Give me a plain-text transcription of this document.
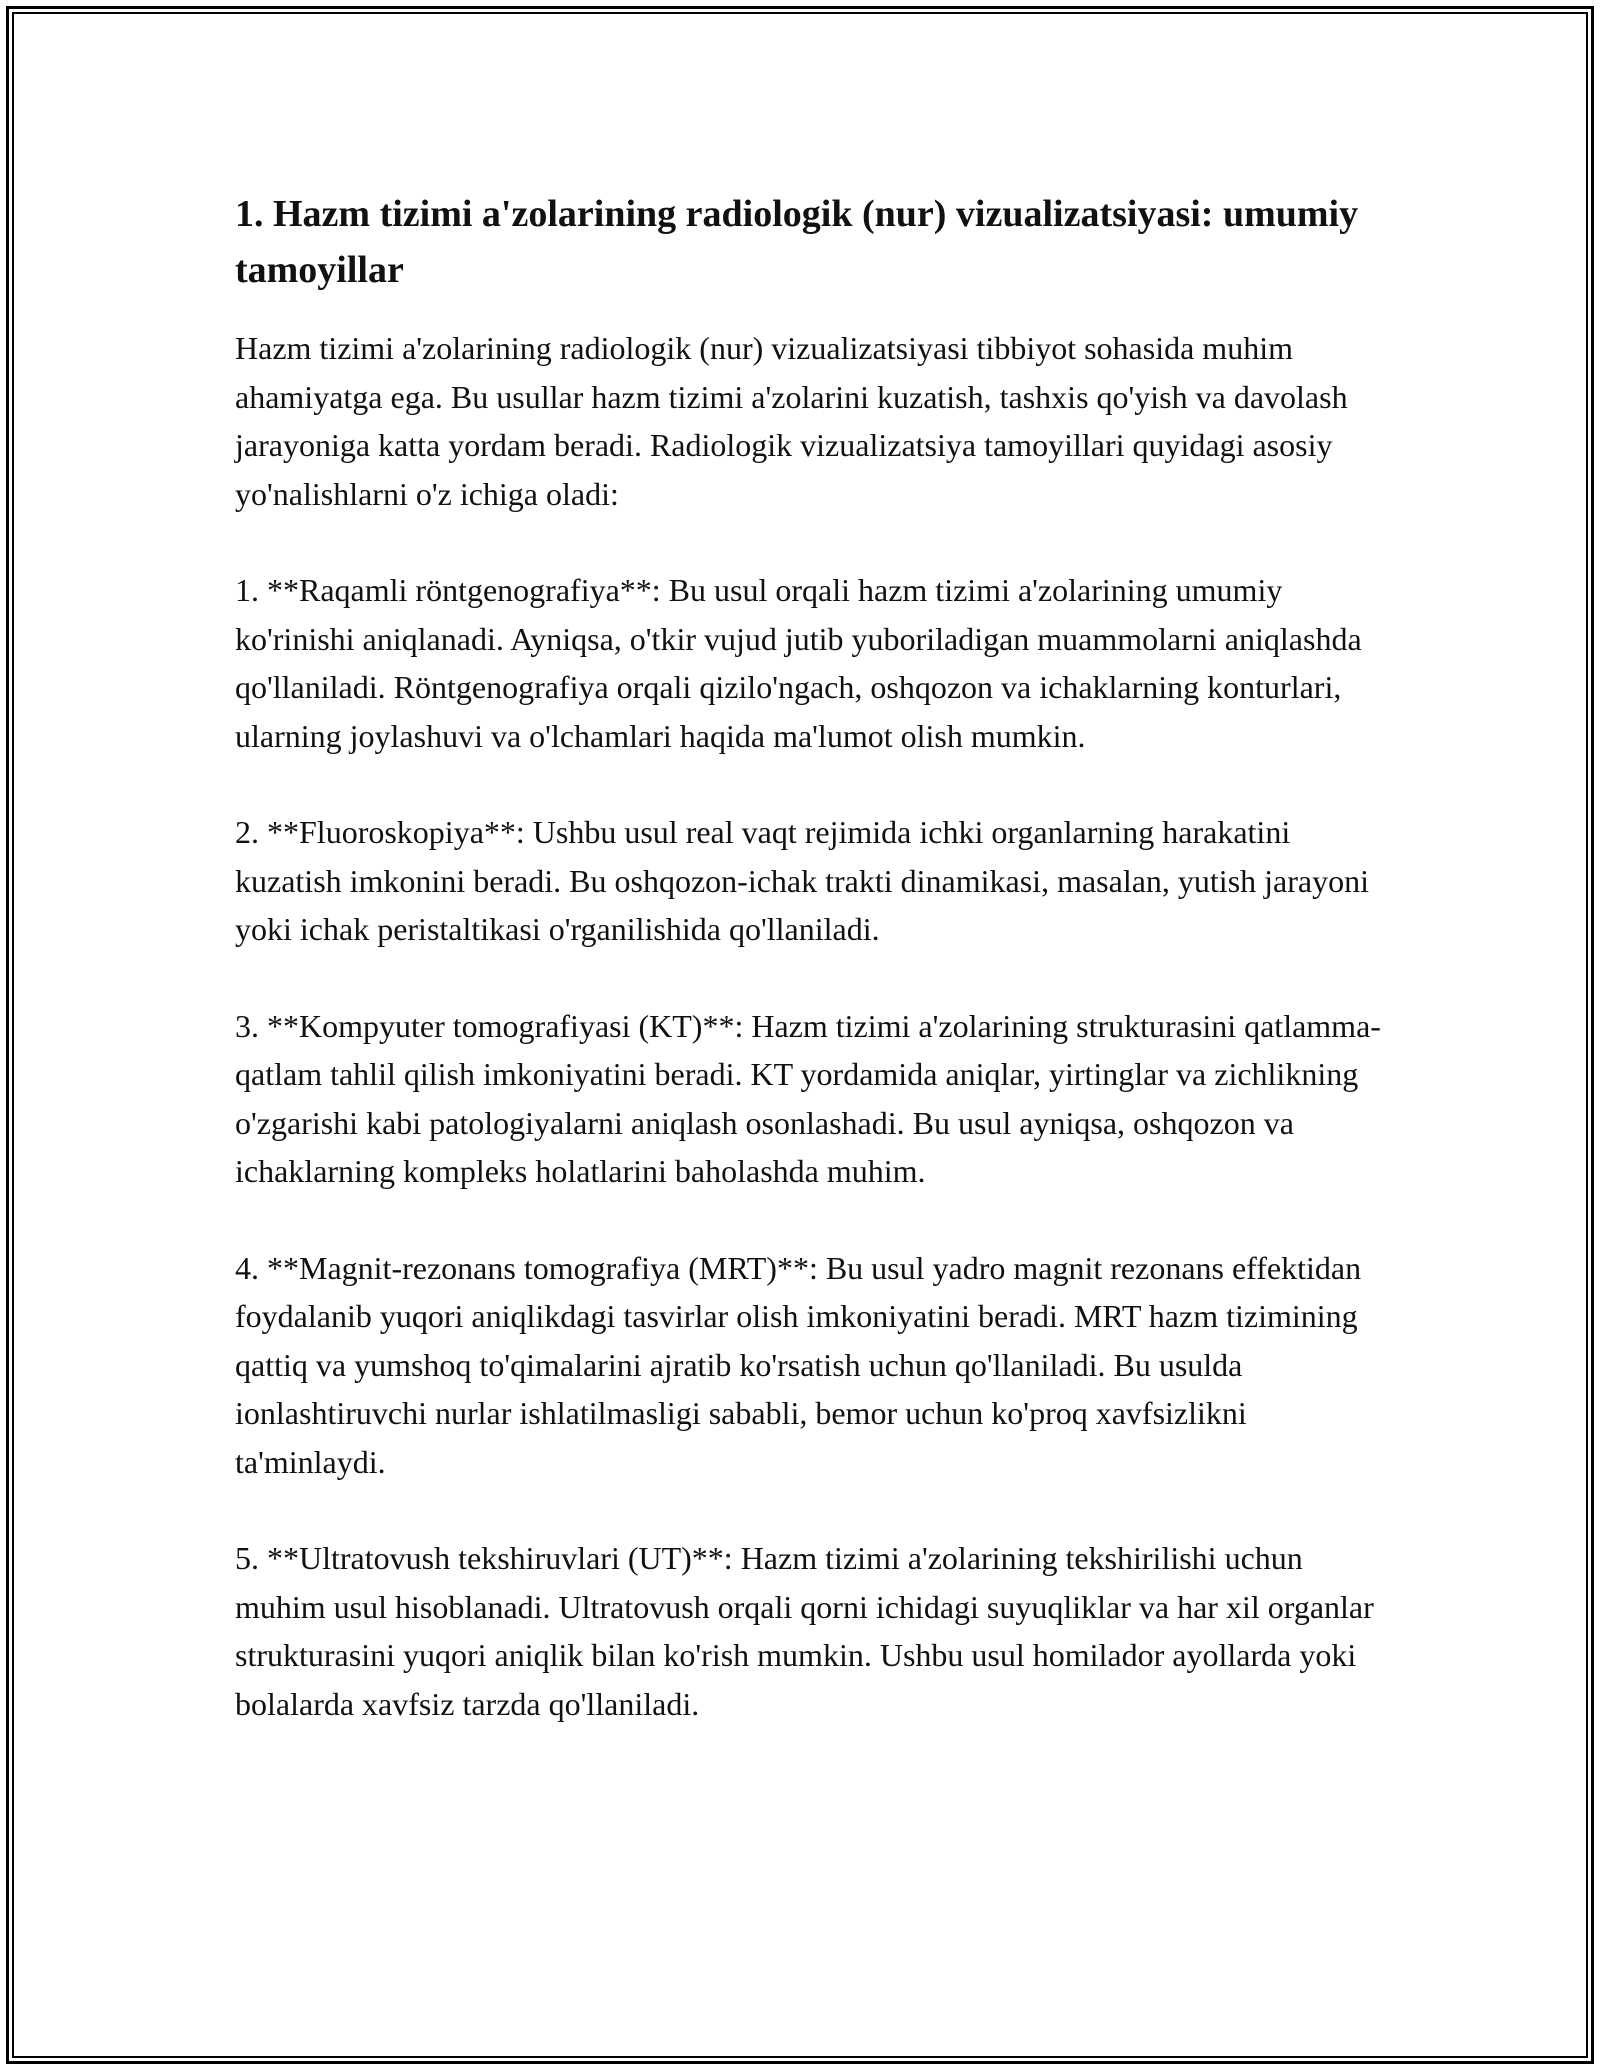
1. Hazm tizimi a'zolarining radiologik (nur) vizualizatsiyasi: umumiy tamoyillar

Hazm tizimi a'zolarining radiologik (nur) vizualizatsiyasi tibbiyot sohasida muhim ahamiyatga ega. Bu usullar hazm tizimi a'zolarini kuzatish, tashxis qo'yish va davolash jarayoniga katta yordam beradi. Radiologik vizualizatsiya tamoyillari quyidagi asosiy yo'nalishlarni o'z ichiga oladi:

1. **Raqamli röntgenografiya**: Bu usul orqali hazm tizimi a'zolarining umumiy ko'rinishi aniqlanadi. Ayniqsa, o'tkir vujud jutib yuboriladigan muammolarni aniqlashda qo'llaniladi. Röntgenografiya orqali qizilo'ngach, oshqozon va ichaklarning konturlari, ularning joylashuvi va o'lchamlari haqida ma'lumot olish mumkin.

2. **Fluoroskopiya**: Ushbu usul real vaqt rejimida ichki organlarning harakatini kuzatish imkonini beradi. Bu oshqozon-ichak trakti dinamikasi, masalan, yutish jarayoni yoki ichak peristaltikasi o'rganilishida qo'llaniladi.

3. **Kompyuter tomografiyasi (KT)**: Hazm tizimi a'zolarining strukturasini qatlamma-qatlam tahlil qilish imkoniyatini beradi. KT yordamida aniqlar, yirtinglar va zichlikning o'zgarishi kabi patologiyalarni aniqlash osonlashadi. Bu usul ayniqsa, oshqozon va ichaklarning kompleks holatlarini baholashda muhim.

4. **Magnit-rezonans tomografiya (MRT)**: Bu usul yadro magnit rezonans effektidan foydalanib yuqori aniqlikdagi tasvirlar olish imkoniyatini beradi. MRT hazm tizimining qattiq va yumshoq to'qimalarini ajratib ko'rsatish uchun qo'llaniladi. Bu usulda ionlashtiruvchi nurlar ishlatilmasligi sababli, bemor uchun ko'proq xavfsizlikni ta'minlaydi.

5. **Ultratovush tekshiruvlari (UT)**: Hazm tizimi a'zolarining tekshirilishi uchun muhim usul hisoblanadi. Ultratovush orqali qorni ichidagi suyuqliklar va har xil organlar strukturasini yuqori aniqlik bilan ko'rish mumkin. Ushbu usul homilador ayollarda yoki bolalarda xavfsiz tarzda qo'llaniladi.
